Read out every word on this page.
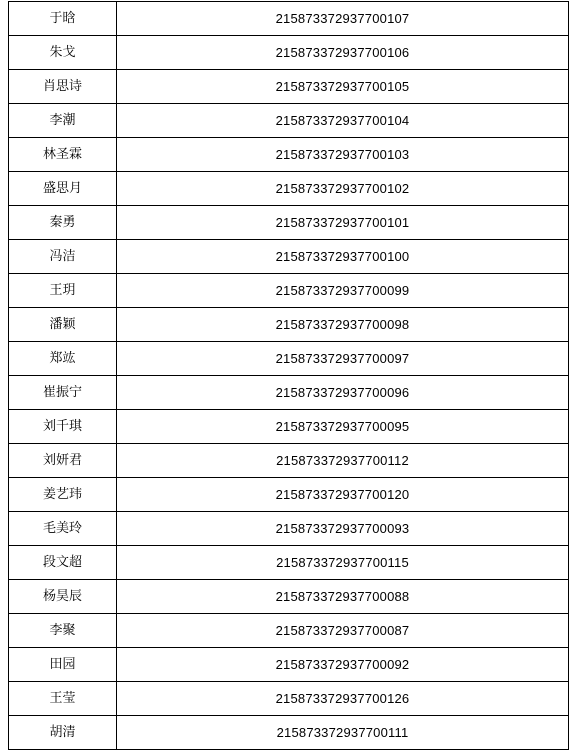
于晗	215873372937700107
朱戈	215873372937700106
肖思诗	215873372937700105
李潮	215873372937700104
林圣霖	215873372937700103
盛思月	215873372937700102
秦勇	215873372937700101
冯洁	215873372937700100
王玥	215873372937700099
潘颖	215873372937700098
郑竑	215873372937700097
崔振宁	215873372937700096
刘千琪	215873372937700095
刘妍君	215873372937700112
姜艺玮	215873372937700120
毛美玲	215873372937700093
段文超	215873372937700115
杨昊辰	215873372937700088
李聚	215873372937700087
田园	215873372937700092
王莹	215873372937700126
胡清	215873372937700111
